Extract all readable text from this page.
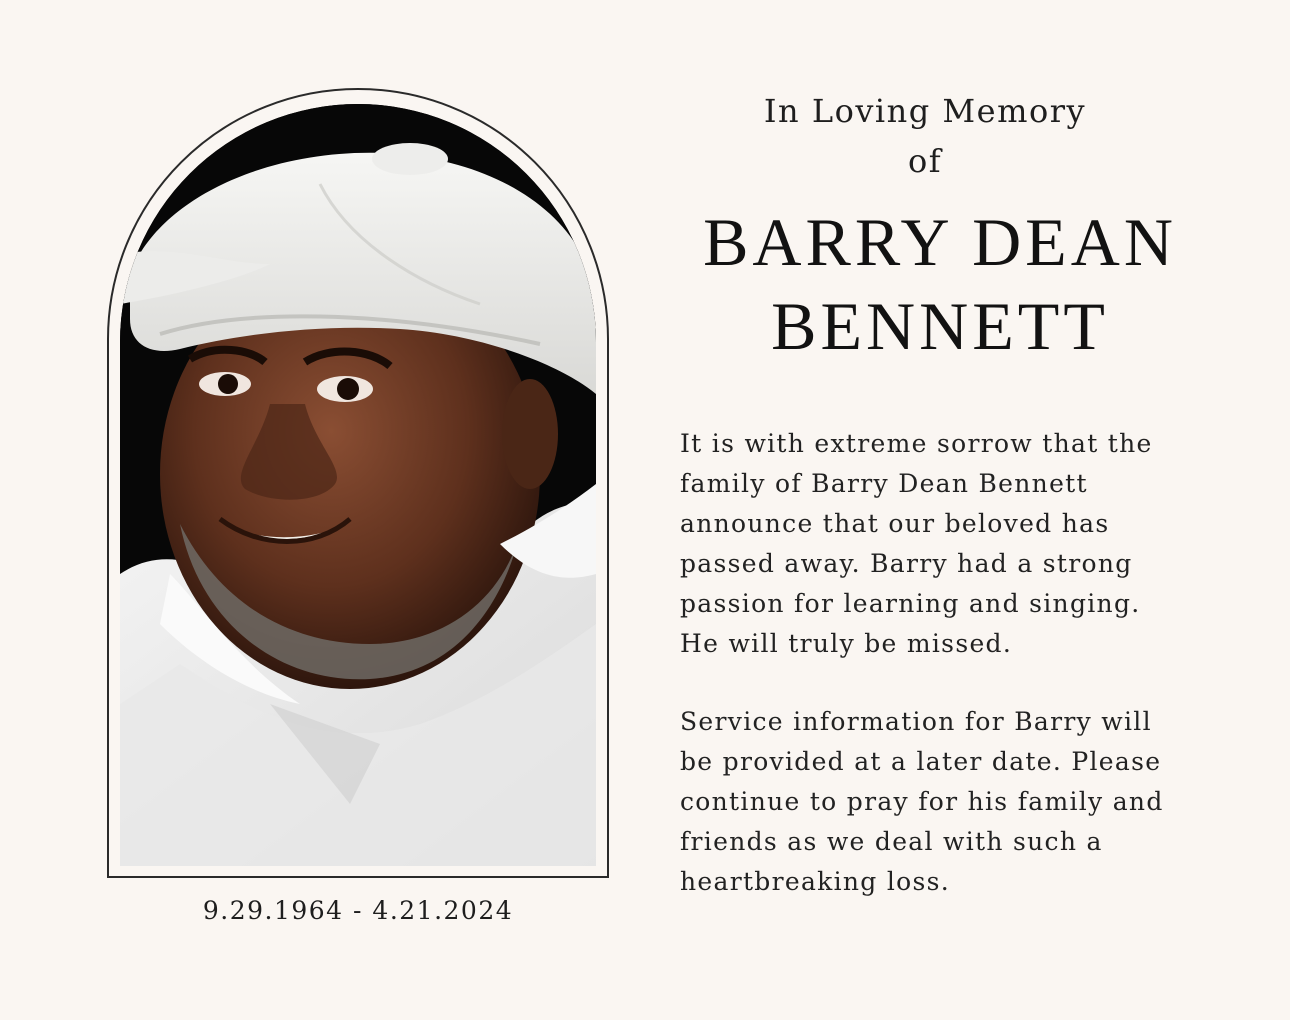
9.29.1964 - 4.21.2024
In Loving Memory
of
BARRY DEAN
BENNETT
It is with extreme sorrow that the
family of Barry Dean Bennett
announce that our beloved has
passed away. Barry had a strong
passion for learning and singing.
He will truly be missed.
Service information for Barry will
be provided at a later date. Please
continue to pray for his family and
friends as we deal with such a
heartbreaking loss.
